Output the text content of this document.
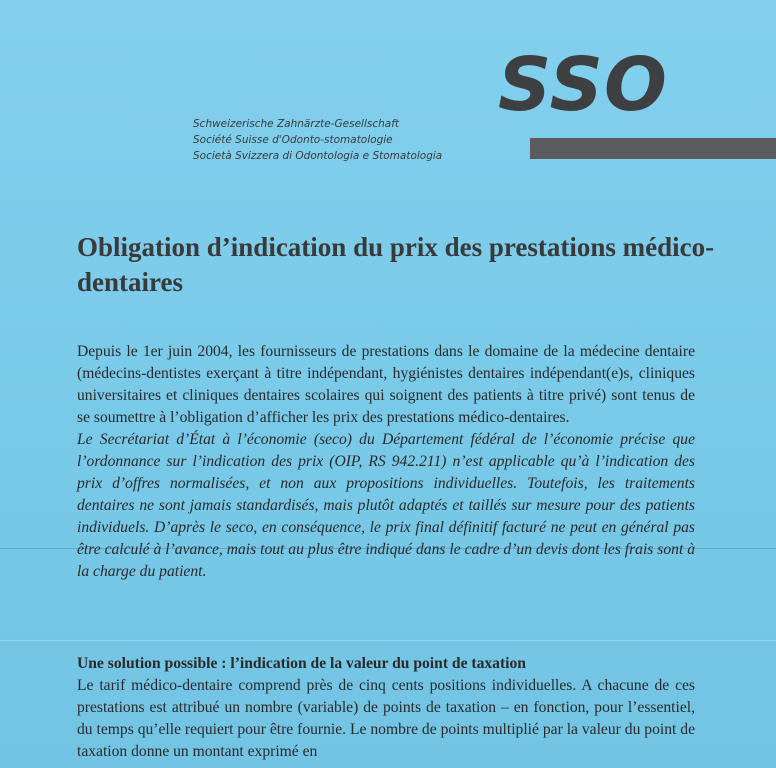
SSO
Schweizerische Zahnärzte-Gesellschaft
Société Suisse d'Odonto-stomatologie
Società Svizzera di Odontologia e Stomatologia
Obligation d’indication du prix des prestations médico-dentaires

Depuis le 1er juin 2004, les fournisseurs de prestations dans le domaine de la médecine dentaire (médecins-dentistes exerçant à titre indépendant, hygiénistes dentaires indépendant(e)s, cliniques universitaires et cliniques dentaires scolaires qui soignent des patients à titre privé) sont tenus de se soumettre à l’obligation d’afficher les prix des prestations médico-dentaires.

Le Secrétariat d’État à l’économie (seco) du Département fédéral de l’économie précise que l’ordonnance sur l’indication des prix (OIP, RS 942.211) n’est applicable qu’à l’indication des prix d’offres normalisées, et non aux propositions individuelles. Toutefois, les traitements dentaires ne sont jamais standardisés, mais plutôt adaptés et taillés sur mesure pour des patients individuels. D’après le seco, en conséquence, le prix final définitif facturé ne peut en général pas être calculé à l’avance, mais tout au plus être indiqué dans le cadre d’un devis dont les frais sont à la charge du patient.

Une solution possible : l’indication de la valeur du point de taxation

Le tarif médico-dentaire comprend près de cinq cents positions individuelles. A chacune de ces prestations est attribué un nombre (variable) de points de taxation – en fonction, pour l’essentiel, du temps qu’elle requiert pour être fournie. Le nombre de points multiplié par la valeur du point de taxation donne un montant exprimé en
